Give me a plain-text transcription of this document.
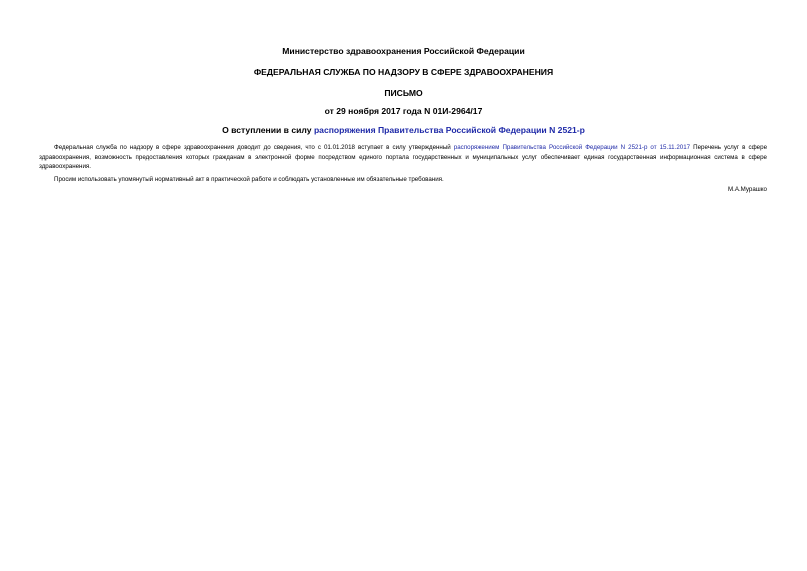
Министерство здравоохранения Российской Федерации
ФЕДЕРАЛЬНАЯ СЛУЖБА ПО НАДЗОРУ В СФЕРЕ ЗДРАВООХРАНЕНИЯ
ПИСЬМО
от 29 ноября 2017 года N 01И-2964/17
О вступлении в силу распоряжения Правительства Российской Федерации N 2521-р

Федеральная служба по надзору в сфере здравоохранения доводит до сведения, что с 01.01.2018 вступает в силу утвержденный распоряжением Правительства Российской Федерации N 2521-р от 15.11.2017 Перечень услуг в сфере здравоохранения, возможность предоставления которых гражданам в электронной форме посредством единого портала государственных и муниципальных услуг обеспечивает единая государственная информационная система в сфере здравоохранения.

Просим использовать упомянутый нормативный акт в практической работе и соблюдать установленные им обязательные требования.

М.А.Мурашко
